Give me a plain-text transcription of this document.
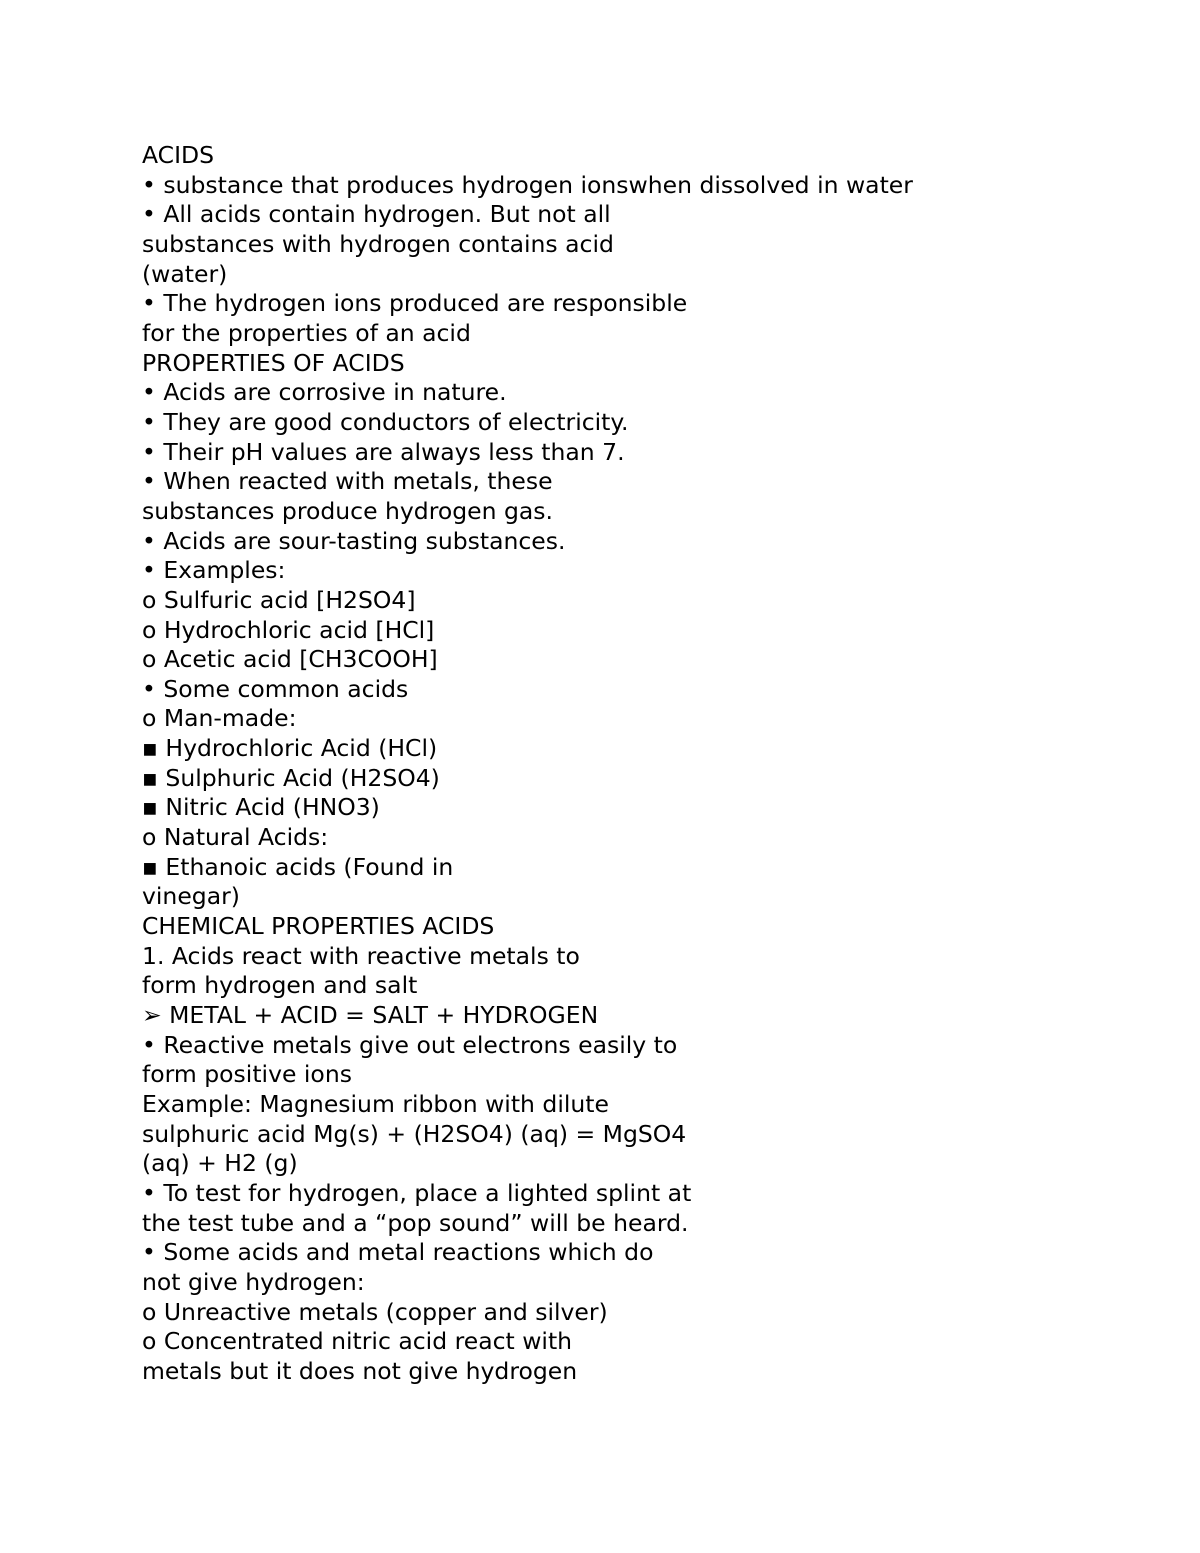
ACIDS

• substance that produces hydrogen ionswhen dissolved in water

• All acids contain hydrogen. But not all

substances with hydrogen contains acid

(water)

• The hydrogen ions produced are responsible

for the properties of an acid

PROPERTIES OF ACIDS

• Acids are corrosive in nature.

• They are good conductors of electricity.

• Their pH values are always less than 7.

• When reacted with metals, these

substances produce hydrogen gas.

• Acids are sour-tasting substances.

• Examples:

o Sulfuric acid [H2SO4]

o Hydrochloric acid [HCl]

o Acetic acid [CH3COOH]

• Some common acids

o Man-made:

▪ Hydrochloric Acid (HCl)

▪ Sulphuric Acid (H2SO4)

▪ Nitric Acid (HNO3)

o Natural Acids:

▪ Ethanoic acids (Found in

vinegar)

CHEMICAL PROPERTIES ACIDS

1. Acids react with reactive metals to

form hydrogen and salt

➢ METAL + ACID = SALT + HYDROGEN

• Reactive metals give out electrons easily to

form positive ions

Example: Magnesium ribbon with dilute

sulphuric acid Mg(s) + (H2SO4) (aq) = MgSO4

(aq) + H2 (g)

• To test for hydrogen, place a lighted splint at

the test tube and a “pop sound” will be heard.

• Some acids and metal reactions which do

not give hydrogen:

o Unreactive metals (copper and silver)

o Concentrated nitric acid react with

metals but it does not give hydrogen
